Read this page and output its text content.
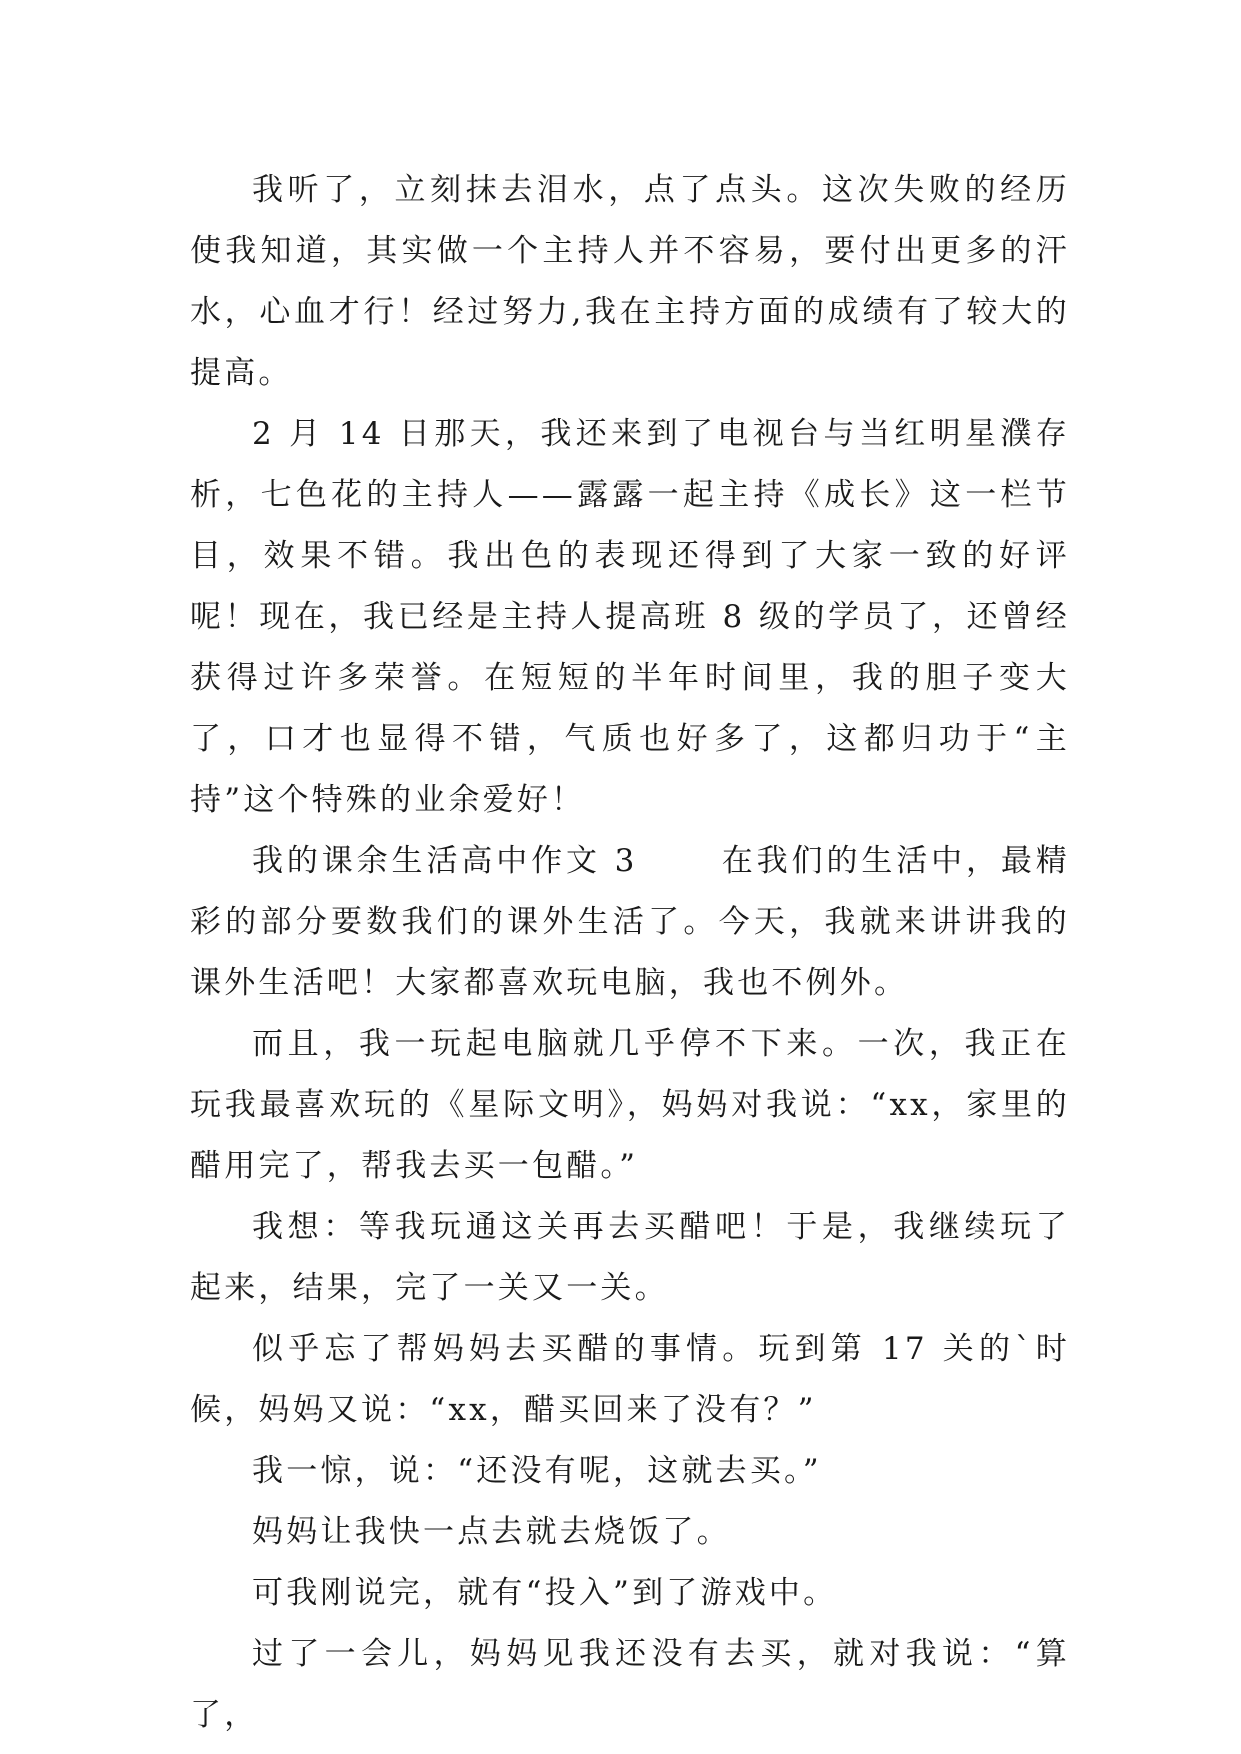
我听了，立刻抹去泪水，点了点头。这次失败的经历使我知道，其实做一个主持人并不容易，要付出更多的汗水，心血才行！经过努力,我在主持方面的成绩有了较大的提高。

2 月 14 日那天，我还来到了电视台与当红明星濮存析，七色花的主持人——露露一起主持《成长》这一栏节目，效果不错。我出色的表现还得到了大家一致的好评呢！现在，我已经是主持人提高班 8 级的学员了，还曾经获得过许多荣誉。在短短的半年时间里，我的胆子变大了，口才也显得不错，气质也好多了，这都归功于“主持”这个特殊的业余爱好！

我的课余生活高中作文 3　　 在我们的生活中，最精彩的部分要数我们的课外生活了。今天，我就来讲讲我的课外生活吧！大家都喜欢玩电脑，我也不例外。

而且，我一玩起电脑就几乎停不下来。一次，我正在玩我最喜欢玩的《星际文明》，妈妈对我说：“xx，家里的醋用完了，帮我去买一包醋。”

我想：等我玩通这关再去买醋吧！于是，我继续玩了起来，结果，完了一关又一关。

似乎忘了帮妈妈去买醋的事情。玩到第 17 关的`时候，妈妈又说：“xx，醋买回来了没有？”

我一惊，说：“还没有呢，这就去买。”

妈妈让我快一点去就去烧饭了。

可我刚说完，就有“投入”到了游戏中。

过了一会儿，妈妈见我还没有去买，就对我说：“算了，
